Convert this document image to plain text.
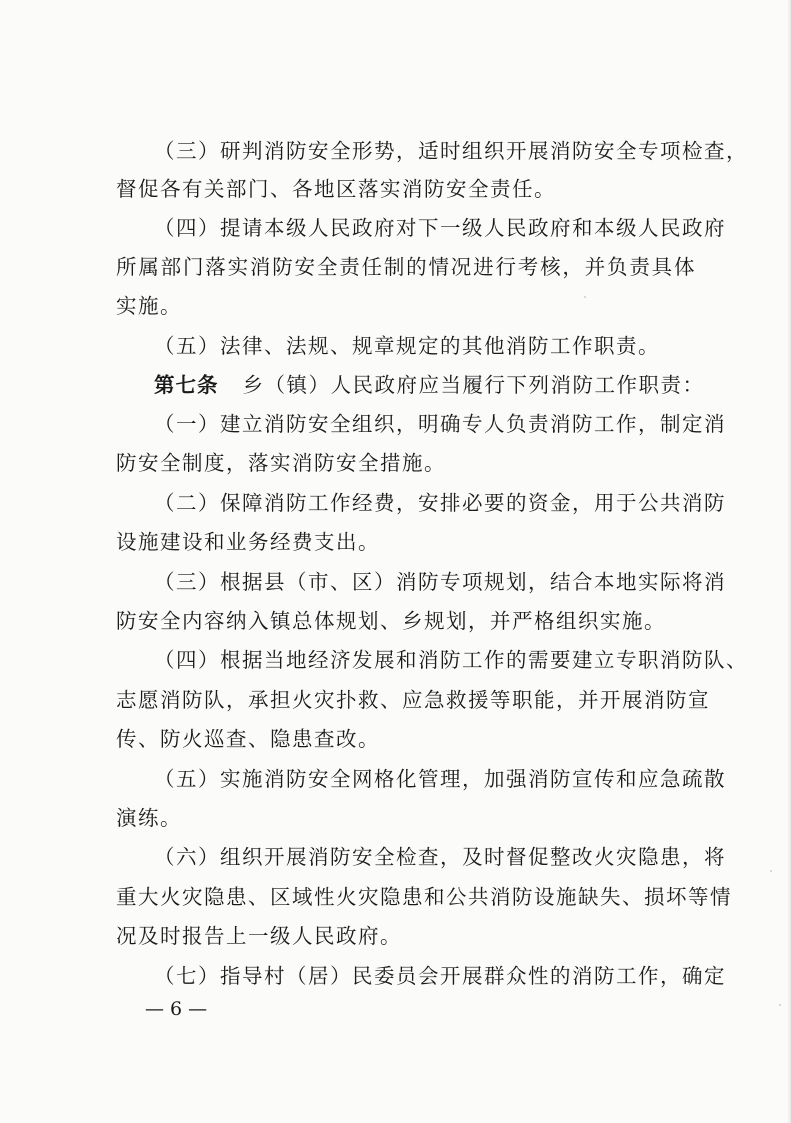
（三）研判消防安全形势，适时组织开展消防安全专项检查，
督促各有关部门、各地区落实消防安全责任。
（四）提请本级人民政府对下一级人民政府和本级人民政府
所属部门落实消防安全责任制的情况进行考核，并负责具体
实施。
（五）法律、法规、规章规定的其他消防工作职责。
第七条 乡（镇）人民政府应当履行下列消防工作职责：
（一）建立消防安全组织，明确专人负责消防工作，制定消
防安全制度，落实消防安全措施。
（二）保障消防工作经费，安排必要的资金，用于公共消防
设施建设和业务经费支出。
（三）根据县（市、区）消防专项规划，结合本地实际将消
防安全内容纳入镇总体规划、乡规划，并严格组织实施。
（四）根据当地经济发展和消防工作的需要建立专职消防队、
志愿消防队，承担火灾扑救、应急救援等职能，并开展消防宣
传、防火巡查、隐患查改。
（五）实施消防安全网格化管理，加强消防宣传和应急疏散
演练。
（六）组织开展消防安全检查，及时督促整改火灾隐患，将
重大火灾隐患、区域性火灾隐患和公共消防设施缺失、损坏等情
况及时报告上一级人民政府。
（七）指导村（居）民委员会开展群众性的消防工作，确定
— 6 —
